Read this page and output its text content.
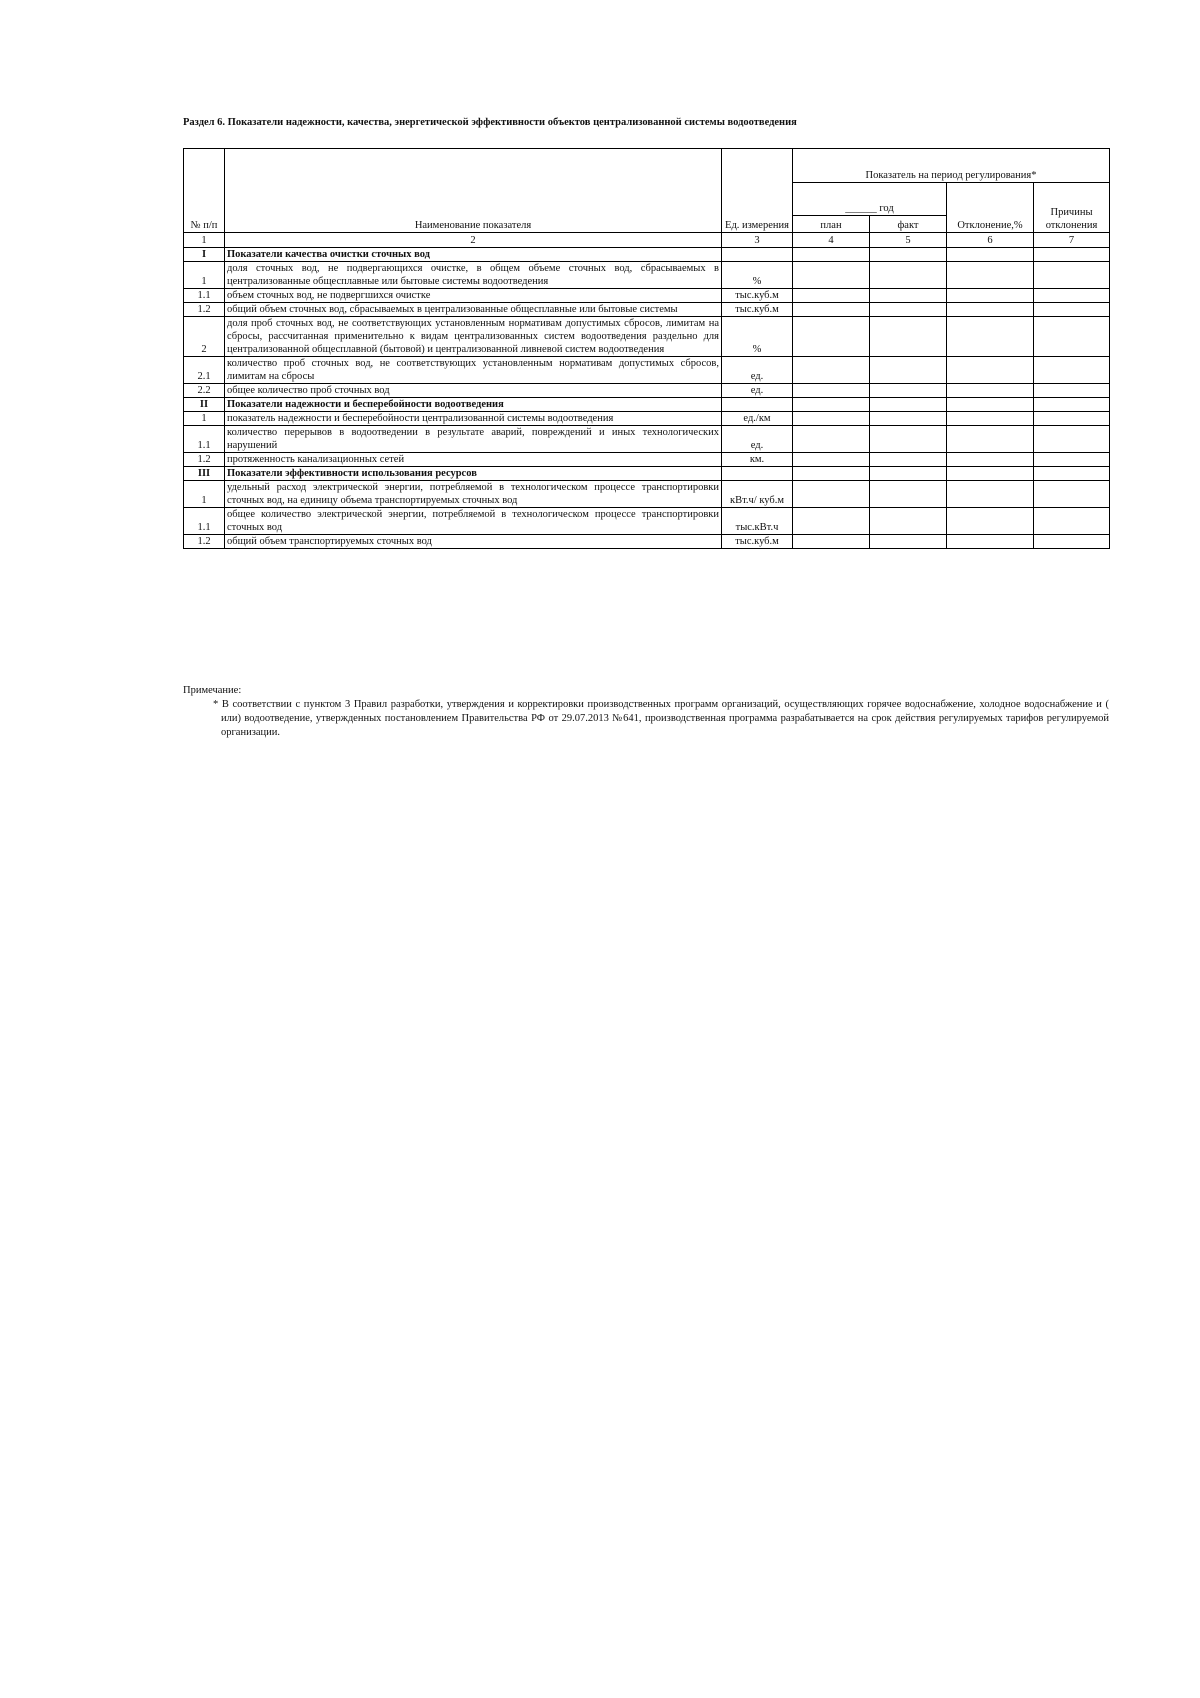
Раздел 6. Показатели надежности, качества, энергетической эффективности объектов централизованной системы водоотведения
№ п/п	Наименование показателя	Ед. измерения	Показатель на период регулирования*			
			______ год		Отклонение,%	Причины отклонения
			план	факт		
1	2	3	4	5	6	7
I	Показатели качества очистки сточных вод					
1	доля сточных вод, не подвергающихся очистке, в общем объеме сточных вод, сбрасываемых в централизованные общесплавные или бытовые системы водоотведения	%				
1.1	объем сточных вод, не подвергшихся очистке	тыс.куб.м				
1.2	общий объем сточных вод, сбрасываемых в централизованные общесплавные или бытовые системы	тыс.куб.м				
2	доля проб сточных вод, не соответствующих установленным нормативам допустимых сбросов, лимитам на сбросы, рассчитанная применительно к видам централизованных систем водоотведения раздельно для централизованной общесплавной (бытовой) и централизованной ливневой систем водоотведения	%				
2.1	количество проб сточных вод, не соответствующих установленным нормативам допустимых сбросов, лимитам на сбросы	ед.				
2.2	общее количество проб сточных вод	ед.				
II	Показатели надежности и бесперебойности водоотведения					
1	показатель надежности и бесперебойности централизованной системы водоотведения	ед./км				
1.1	количество перерывов в водоотведении в результате аварий, повреждений и иных технологических нарушений	ед.				
1.2	протяженность канализационных сетей	км.				
III	Показатели эффективности использования ресурсов					
1	удельный расход электрической энергии, потребляемой в технологическом процессе транспортировки сточных вод, на единицу объема транспортируемых сточных вод	кВт.ч/ куб.м				
1.1	общее количество электрической энергии, потребляемой в технологическом процессе транспортировки сточных вод	тыс.кВт.ч				
1.2	общий объем транспортируемых сточных вод	тыс.куб.м				
Примечание:
* В соответствии с пунктом 3 Правил разработки, утверждения и корректировки производственных программ организаций, осуществляющих горячее водоснабжение, холодное водоснабжение и ( или) водоотведение, утвержденных постановлением Правительства РФ от 29.07.2013 №641, производственная программа разрабатывается на срок действия регулируемых тарифов регулируемой организации.
